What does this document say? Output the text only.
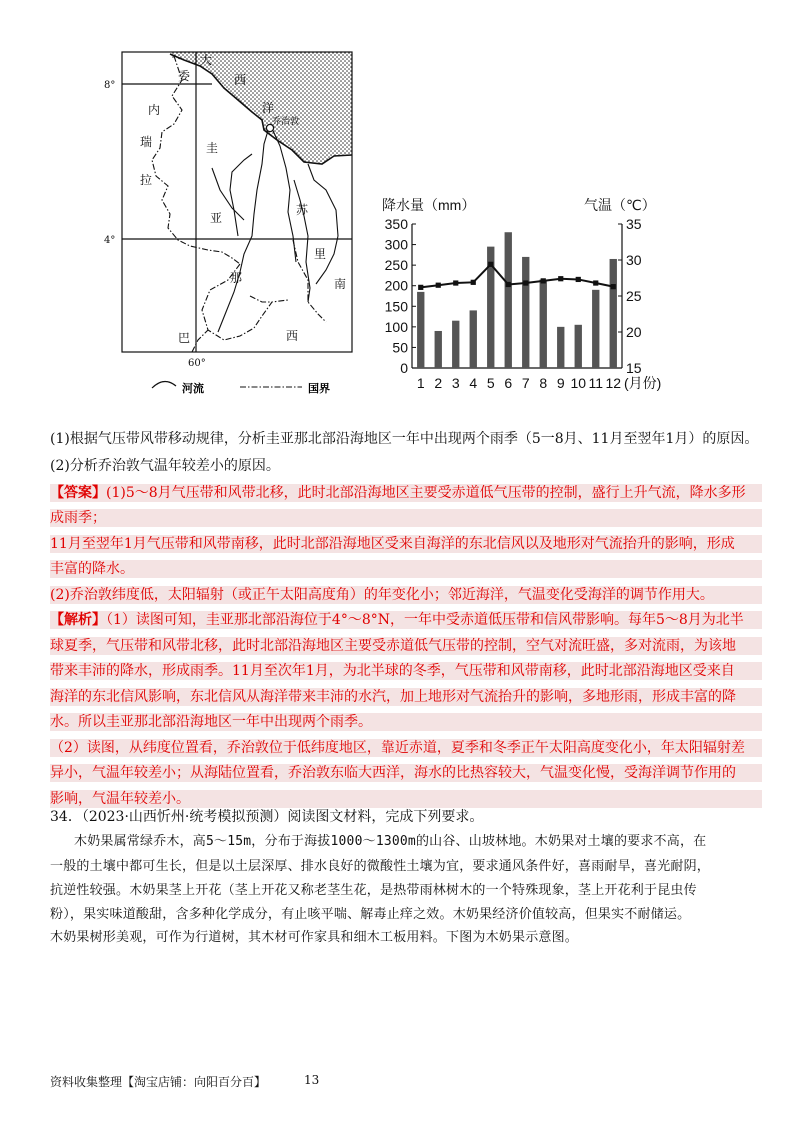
大
委	西
内	洋
乔治敦
瑞	圭
拉
亚
苏
里
那	南
巴	西
8°
4°
60°
河流	国界
0
50
100
150
200
250
300
350
15
20
25
30
35
1 2 3 4 5 6 7 8 9 10 11 12 (月份)
降水量（mm）	气温（℃）
(1)根据气压带风带移动规律，分析圭亚那北部沿海地区一年中出现两个雨季（5一8月、11月至翌年1月）的原因。
(2)分析乔治敦气温年较差小的原因。
【答案】(1)5～8月气压带和风带北移，此时北部沿海地区主要受赤道低气压带的控制，盛行上升气流，降水多形
成雨季；
11月至翌年1月气压带和风带南移，此时北部沿海地区受来自海洋的东北信风以及地形对气流抬升的影响，形成
丰富的降水。
(2)乔治敦纬度低，太阳辐射（或正午太阳高度角）的年变化小；邻近海洋，气温变化受海洋的调节作用大。
【解析】（1）读图可知，圭亚那北部沿海位于4°～8°N，一年中受赤道低压带和信风带影响。每年5～8月为北半
球夏季，气压带和风带北移，此时北部沿海地区主要受赤道低气压带的控制，空气对流旺盛，多对流雨，为该地
带来丰沛的降水，形成雨季。11月至次年1月，为北半球的冬季，气压带和风带南移，此时北部沿海地区受来自
海洋的东北信风影响，东北信风从海洋带来丰沛的水汽，加上地形对气流抬升的影响，多地形雨，形成丰富的降
水。所以圭亚那北部沿海地区一年中出现两个雨季。
（2）读图，从纬度位置看，乔治敦位于低纬度地区，靠近赤道，夏季和冬季正午太阳高度变化小，年太阳辐射差
异小，气温年较差小；从海陆位置看，乔治敦东临大西洋，海水的比热容较大，气温变化慢，受海洋调节作用的
影响，气温年较差小。
34．（2023·山西忻州·统考模拟预测）阅读图文材料，完成下列要求。
木奶果属常绿乔木，高5～15m，分布于海拔1000～1300m的山谷、山坡林地。木奶果对土壤的要求不高，在
一般的土壤中都可生长，但是以土层深厚、排水良好的微酸性土壤为宜，要求通风条件好，喜雨耐旱，喜光耐阴，
抗逆性较强。木奶果茎上开花（茎上开花又称老茎生花，是热带雨林树木的一个特殊现象，茎上开花利于昆虫传
粉），果实味道酸甜，含多种化学成分，有止咳平喘、解毒止痒之效。木奶果经济价值较高，但果实不耐储运。
木奶果树形美观，可作为行道树，其木材可作家具和细木工板用料。下图为木奶果示意图。
资料收集整理【淘宝店铺：向阳百分百】	13
